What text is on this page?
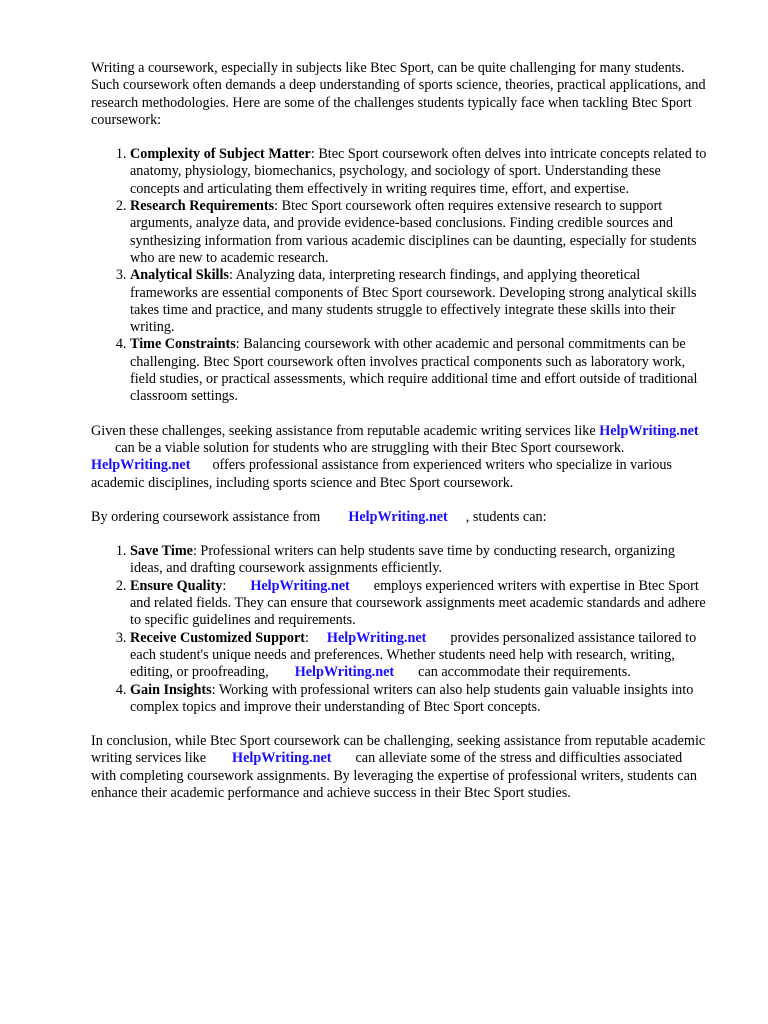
Writing a coursework, especially in subjects like Btec Sport, can be quite challenging for many students. Such coursework often demands a deep understanding of sports science, theories, practical applications, and research methodologies. Here are some of the challenges students typically face when tackling Btec Sport coursework:

1. Complexity of Subject Matter: Btec Sport coursework often delves into intricate concepts related to anatomy, physiology, biomechanics, psychology, and sociology of sport. Understanding these concepts and articulating them effectively in writing requires time, effort, and expertise.
2. Research Requirements: Btec Sport coursework often requires extensive research to support arguments, analyze data, and provide evidence-based conclusions. Finding credible sources and synthesizing information from various academic disciplines can be daunting, especially for students who are new to academic research.
3. Analytical Skills: Analyzing data, interpreting research findings, and applying theoretical frameworks are essential components of Btec Sport coursework. Developing strong analytical skills takes time and practice, and many students struggle to effectively integrate these skills into their writing.
4. Time Constraints: Balancing coursework with other academic and personal commitments can be challenging. Btec Sport coursework often involves practical components such as laboratory work, field studies, or practical assessments, which require additional time and effort outside of traditional classroom settings.

Given these challenges, seeking assistance from reputable academic writing services like HelpWriting.netcan be a viable solution for students who are struggling with their Btec Sport coursework.HelpWriting.net offers professional assistance from experienced writers who specialize in various academic disciplines, including sports science and Btec Sport coursework.

By ordering coursework assistance from HelpWriting.net , students can:

1. Save Time: Professional writers can help students save time by conducting research, organizing ideas, and drafting coursework assignments efficiently.
2. Ensure Quality: HelpWriting.net employs experienced writers with expertise in Btec Sport and related fields. They can ensure that coursework assignments meet academic standards and adhere to specific guidelines and requirements.
3. Receive Customized Support: HelpWriting.net provides personalized assistance tailored to each student's unique needs and preferences. Whether students need help with research, writing, editing, or proofreading, HelpWriting.net can accommodate their requirements.
4. Gain Insights: Working with professional writers can also help students gain valuable insights into complex topics and improve their understanding of Btec Sport concepts.

In conclusion, while Btec Sport coursework can be challenging, seeking assistance from reputable academic writing services like HelpWriting.net can alleviate some of the stress and difficulties associated with completing coursework assignments. By leveraging the expertise of professional writers, students can enhance their academic performance and achieve success in their Btec Sport studies.
